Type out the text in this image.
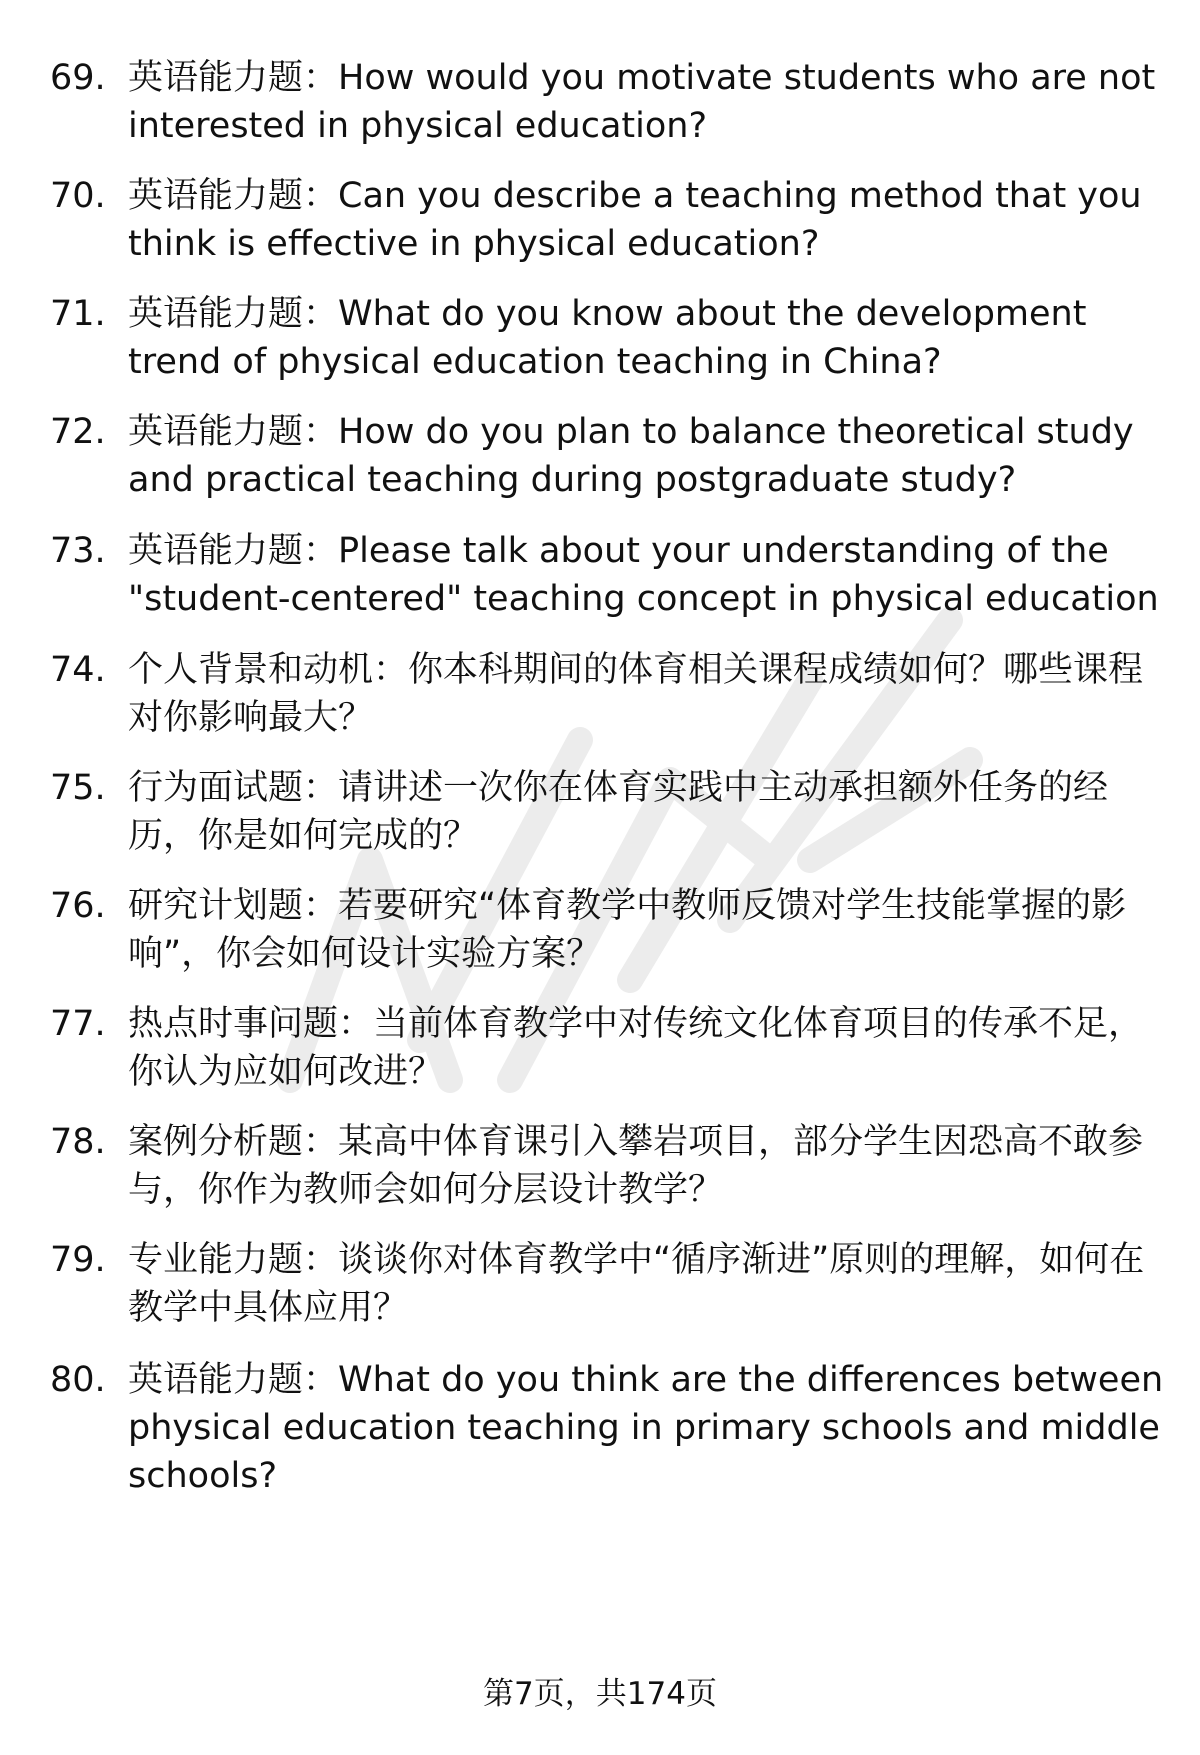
69. 英语能力题：How would you motivate students who are not interested in physical education?
70. 英语能力题：Can you describe a teaching method that you think is effective in physical education?
71. 英语能力题：What do you know about the development trend of physical education teaching in China?
72. 英语能力题：How do you plan to balance theoretical study and practical teaching during postgraduate study?
73. 英语能力题：Please talk about your understanding of the "student-centered" teaching concept in physical education
74. 个人背景和动机：你本科期间的体育相关课程成绩如何？哪些课程对你影响最大？
75. 行为面试题：请讲述一次你在体育实践中主动承担额外任务的经历，你是如何完成的？
76. 研究计划题：若要研究“体育教学中教师反馈对学生技能掌握的影响”，你会如何设计实验方案？
77. 热点时事问题：当前体育教学中对传统文化体育项目的传承不足，你认为应如何改进？
78. 案例分析题：某高中体育课引入攀岩项目，部分学生因恐高不敢参与，你作为教师会如何分层设计教学？
79. 专业能力题：谈谈你对体育教学中“循序渐进”原则的理解，如何在教学中具体应用？
80. 英语能力题：What do you think are the differences between physical education teaching in primary schools and middle schools?
第7页，共174页
